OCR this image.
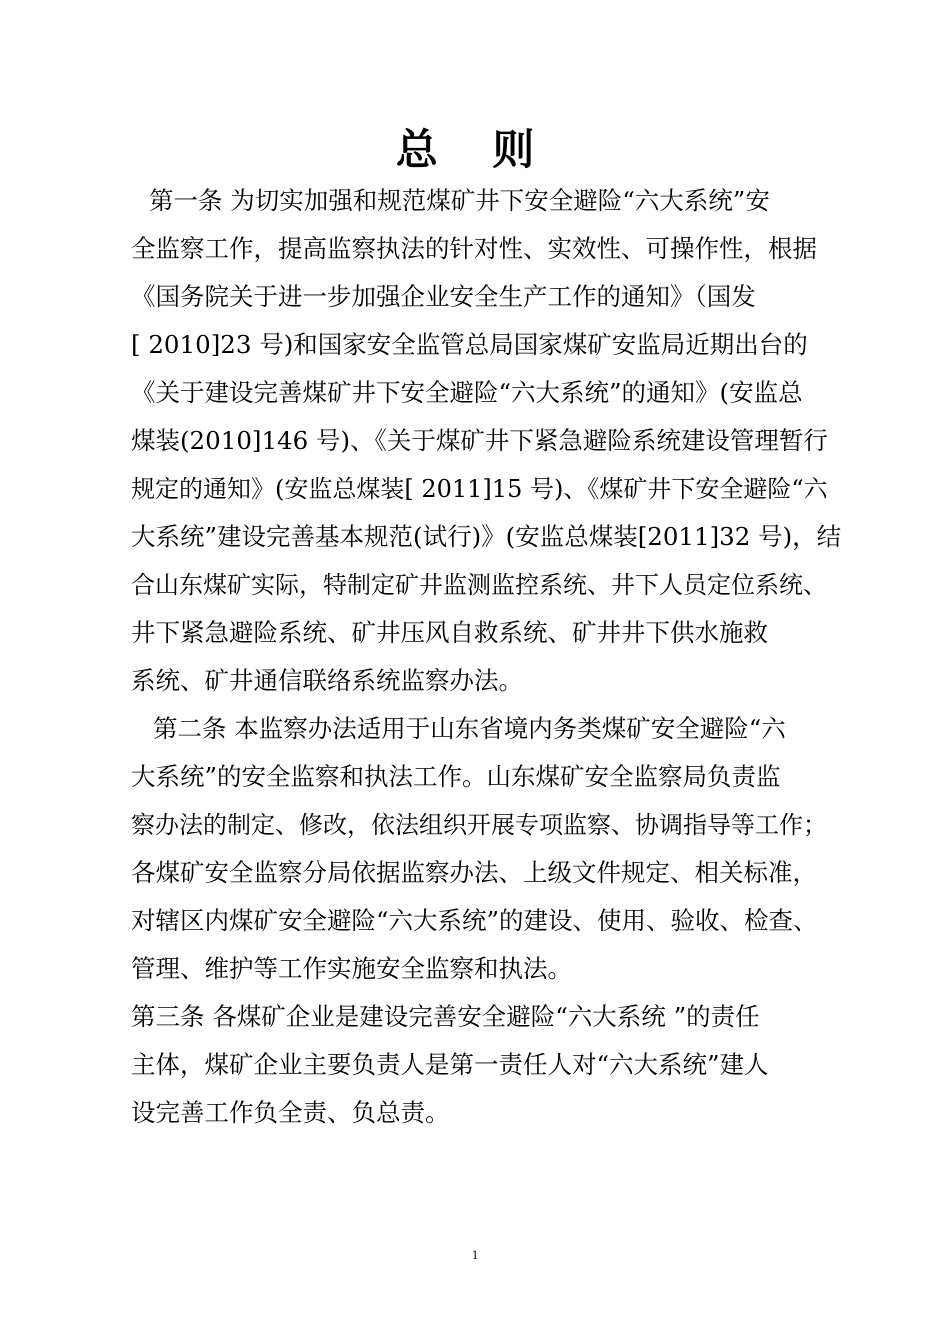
总 则
第一条 为切实加强和规范煤矿井下安全避险“六大系统”安
全监察工作，提高监察执法的针对性、实效性、可操作性，根据
《国务院关于进一步加强企业安全生产工作的通知》（国发
[ 2010]23 号)和国家安全监管总局国家煤矿安监局近期出台的
《关于建设完善煤矿井下安全避险“六大系统”的通知》(安监总
煤装(2010]146 号)、《关于煤矿井下紧急避险系统建设管理暂行
规定的通知》(安监总煤装[ 2011]15 号)、《煤矿井下安全避险“六
大系统”建设完善基本规范(试行)》(安监总煤装[2011]32 号)，结
合山东煤矿实际，特制定矿井监测监控系统、井下人员定位系统、
井下紧急避险系统、矿井压风自救系统、矿井井下供水施救
系统、矿井通信联络系统监察办法。
第二条 本监察办法适用于山东省境内务类煤矿安全避险“六
大系统”的安全监察和执法工作。山东煤矿安全监察局负责监
察办法的制定、修改，依法组织开展专项监察、协调指导等工作；
各煤矿安全监察分局依据监察办法、上级文件规定、相关标准，
对辖区内煤矿安全避险“六大系统”的建设、使用、验收、检查、
管理、维护等工作实施安全监察和执法。
第三条 各煤矿企业是建设完善安全避险“六大系统 ”的责任
主体，煤矿企业主要负责人是第一责任人对“六大系统”建人
设完善工作负全责、负总责。
1
